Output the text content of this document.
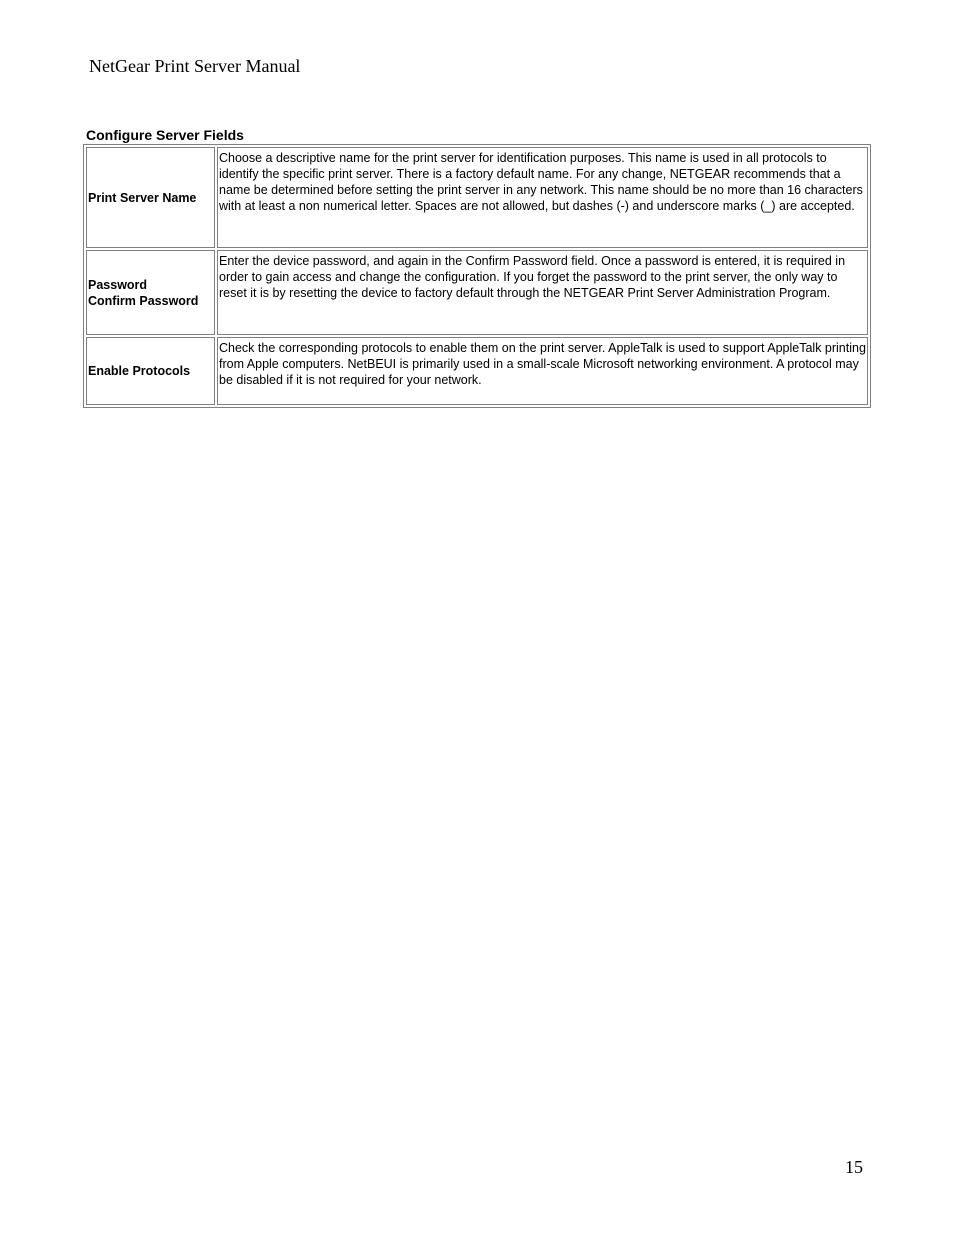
NetGear Print Server Manual
Configure Server Fields
Print Server Name	Choose a descriptive name for the print server for identification purposes. This name is used in all protocols to identify the specific print server. There is a factory default name. For any change, NETGEAR recommends that a name be determined before setting the print server in any network. This name should be no more than 16 characters with at least a non numerical letter. Spaces are not allowed, but dashes (-) and underscore marks (_) are accepted.
Password
Confirm Password	Enter the device password, and again in the Confirm Password field. Once a password is entered, it is required in order to gain access and change the configuration. If you forget the password to the print server, the only way to reset it is by resetting the device to factory default through the NETGEAR Print Server Administration Program.
Enable Protocols	Check the corresponding protocols to enable them on the print server. AppleTalk is used to support AppleTalk printing from Apple computers. NetBEUI is primarily used in a small-scale Microsoft networking environment. A protocol may be disabled if it is not required for your network.
15
